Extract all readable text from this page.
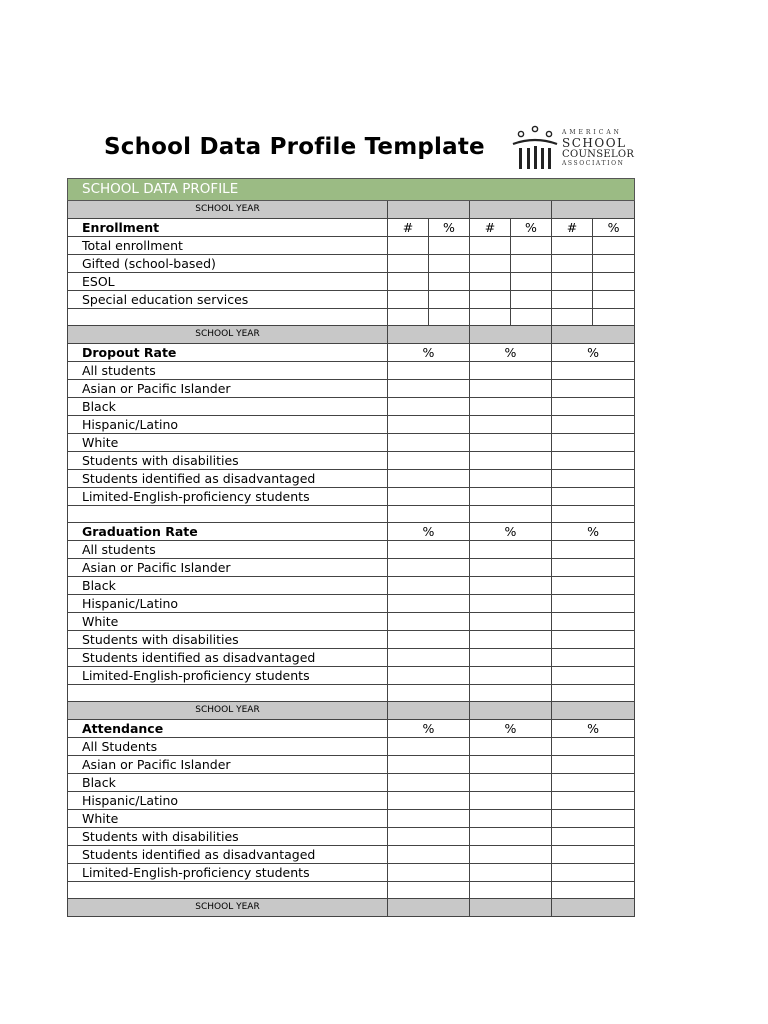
School Data Profile Template
AMERICAN
SCHOOL
COUNSELOR
ASSOCIATION
SCHOOL DATA PROFILE						
SCHOOL YEAR						
Enrollment	#	%	#	%	#	%
Total enrollment						
Gifted (school-based)						
ESOL						
Special education services						

SCHOOL YEAR						
Dropout Rate	%		%		%	
All students						
Asian or Pacific Islander						
Black						
Hispanic/Latino						
White						
Students with disabilities						
Students identified as disadvantaged						
Limited-English-proficiency students						

Graduation Rate	%		%		%	
All students						
Asian or Pacific Islander						
Black						
Hispanic/Latino						
White						
Students with disabilities						
Students identified as disadvantaged						
Limited-English-proficiency students						

SCHOOL YEAR						
Attendance	%		%		%	
All Students						
Asian or Pacific Islander						
Black						
Hispanic/Latino						
White						
Students with disabilities						
Students identified as disadvantaged						
Limited-English-proficiency students						

SCHOOL YEAR						
